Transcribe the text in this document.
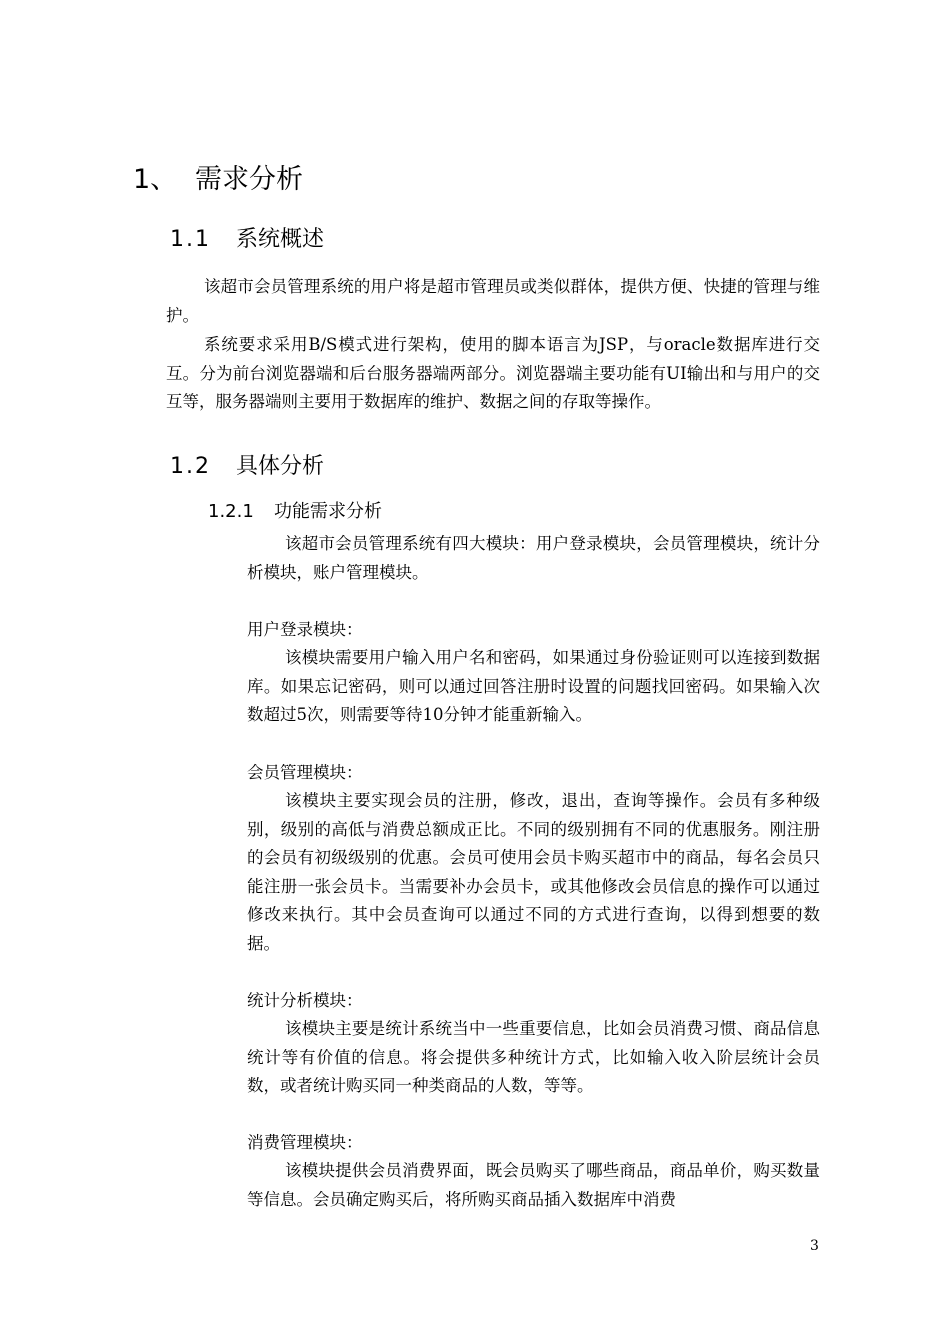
1、 需求分析
1.1 系统概述

该超市会员管理系统的用户将是超市管理员或类似群体，提供方便、快捷的管理与维护。

系统要求采用B/S模式进行架构，使用的脚本语言为JSP，与oracle数据库进行交互。分为前台浏览器端和后台服务器端两部分。浏览器端主要功能有UI输出和与用户的交互等，服务器端则主要用于数据库的维护、数据之间的存取等操作。

1.2 具体分析
1.2.1 功能需求分析

该超市会员管理系统有四大模块：用户登录模块，会员管理模块，统计分析模块，账户管理模块。

用户登录模块：

该模块需要用户输入用户名和密码，如果通过身份验证则可以连接到数据库。如果忘记密码，则可以通过回答注册时设置的问题找回密码。如果输入次数超过5次，则需要等待10分钟才能重新输入。

会员管理模块：

该模块主要实现会员的注册，修改，退出，查询等操作。会员有多种级别，级别的高低与消费总额成正比。不同的级别拥有不同的优惠服务。刚注册的会员有初级级别的优惠。会员可使用会员卡购买超市中的商品，每名会员只能注册一张会员卡。当需要补办会员卡，或其他修改会员信息的操作可以通过修改来执行。其中会员查询可以通过不同的方式进行查询，以得到想要的数据。

统计分析模块：

该模块主要是统计系统当中一些重要信息，比如会员消费习惯、商品信息统计等有价值的信息。将会提供多种统计方式，比如输入收入阶层统计会员数，或者统计购买同一种类商品的人数，等等。

消费管理模块：

该模块提供会员消费界面，既会员购买了哪些商品，商品单价，购买数量等信息。会员确定购买后，将所购买商品插入数据库中消费

3
